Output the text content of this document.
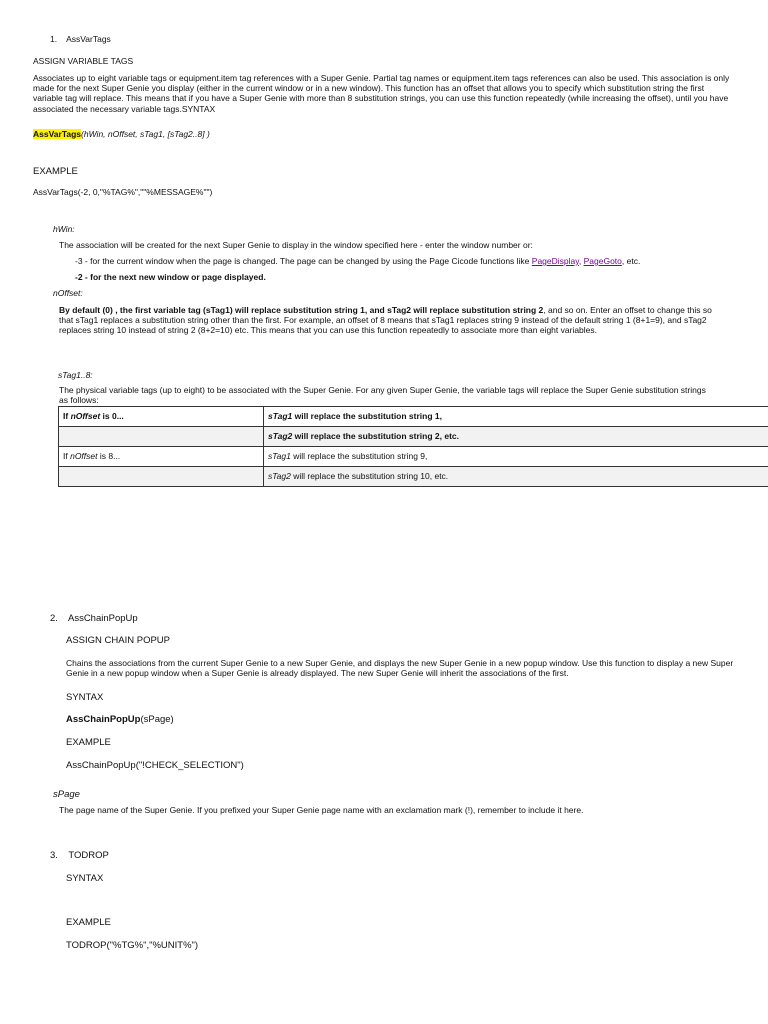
1. AssVarTags
ASSIGN VARIABLE TAGS
Associates up to eight variable tags or equipment.item tag references with a Super Genie. Partial tag names or equipment.item tags references can also be used. This association is only made for the next Super Genie you display (either in the current window or in a new window). This function has an offset that allows you to specify which substitution string the first variable tag will replace. This means that if you have a Super Genie with more than 8 substitution strings, you can use this function repeatedly (while increasing the offset), until you have associated the necessary variable tags.SYNTAX
AssVarTags(hWin, nOffset, sTag1, [sTag2..8] )
EXAMPLE
AssVarTags(-2, 0,"%TAG%",""%MESSAGE%"")
hWin:
The association will be created for the next Super Genie to display in the window specified here - enter the window number or:
-3 - for the current window when the page is changed. The page can be changed by using the Page Cicode functions like PageDisplay, PageGoto, etc.
-2 - for the next new window or page displayed.
nOffset:
By default (0) , the first variable tag (sTag1) will replace substitution string 1, and sTag2 will replace substitution string 2, and so on. Enter an offset to change this so that sTag1 replaces a substitution string other than the first. For example, an offset of 8 means that sTag1 replaces string 9 instead of the default string 1 (8+1=9), and sTag2 replaces string 10 instead of string 2 (8+2=10) etc. This means that you can use this function repeatedly to associate more than eight variables.
sTag1..8:
The physical variable tags (up to eight) to be associated with the Super Genie. For any given Super Genie, the variable tags will replace the Super Genie substitution strings as follows:
If nOffset is 0...	sTag1 will replace the substitution string 1,
	sTag2 will replace the substitution string 2, etc.
If nOffset is 8...	sTag1 will replace the substitution string 9,
	sTag2 will replace the substitution string 10, etc.
2. AssChainPopUp
ASSIGN CHAIN POPUP
Chains the associations from the current Super Genie to a new Super Genie, and displays the new Super Genie in a new popup window. Use this function to display a new Super Genie in a new popup window when a Super Genie is already displayed. The new Super Genie will inherit the associations of the first.
SYNTAX
AssChainPopUp(sPage)
EXAMPLE
AssChainPopUp("!CHECK_SELECTION")
sPage
The page name of the Super Genie. If you prefixed your Super Genie page name with an exclamation mark (!), remember to include it here.
3. TODROP
SYNTAX
EXAMPLE
TODROP("%TG%","%UNIT%")
